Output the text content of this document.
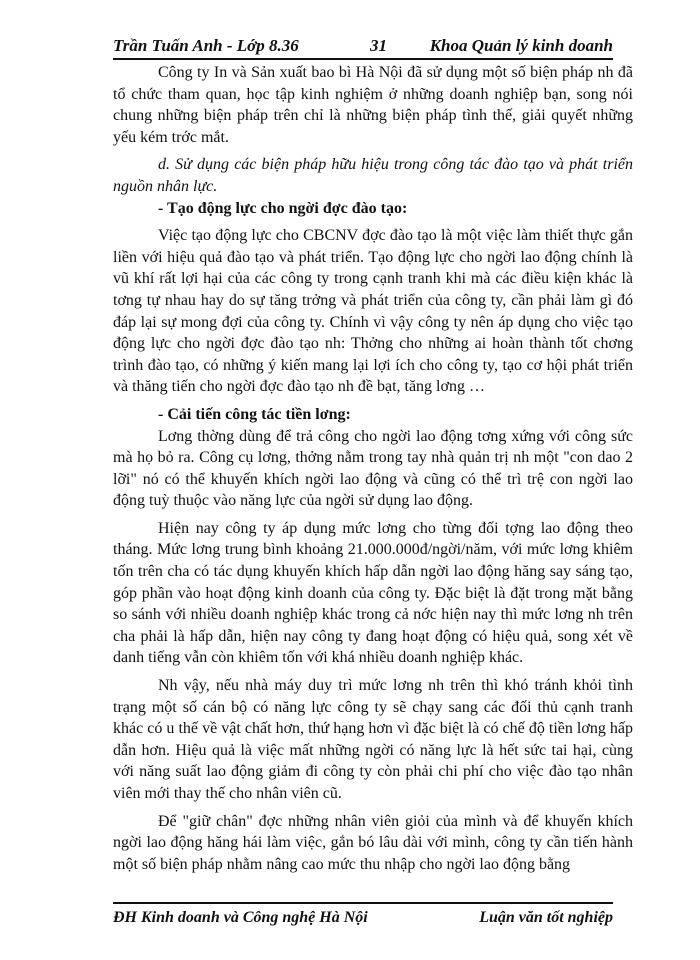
Trần Tuấn Anh - Lớp 8.36	31	Khoa Quản lý kinh doanh

Công ty In và Sản xuất bao bì Hà Nội đã sử dụng một số biện pháp nh đã tổ chức tham quan, học tập kinh nghiệm ở những doanh nghiệp bạn, song nói chung những biện pháp trên chỉ là những biện pháp tình thế, giải quyết những yếu kém trớc mắt.

d. Sử dụng các biện pháp hữu hiệu trong công tác đào tạo và phát triển nguồn nhân lực.

- Tạo động lực cho ngời đợc đào tạo:

Việc tạo động lực cho CBCNV đợc đào tạo là một việc làm thiết thực gắn liền với hiệu quả đào tạo và phát triển. Tạo động lực cho ngời lao động chính là vũ khí rất lợi hại của các công ty trong cạnh tranh khi mà các điều kiện khác là tơng tự nhau hay do sự tăng trởng và phát triển của công ty, cần phải làm gì đó đáp lại sự mong đợi của công ty. Chính vì vậy công ty nên áp dụng cho việc tạo động lực cho ngời đợc đào tạo nh: Thởng cho những ai hoàn thành tốt chơng trình đào tạo, có những ý kiến mang lại lợi ích cho công ty, tạo cơ hội phát triển và thăng tiến cho ngời đợc đào tạo nh đề bạt, tăng lơng …

- Cải tiến công tác tiền lơng:

Lơng thờng dùng để trả công cho ngời lao động tơng xứng với công sức mà họ bỏ ra. Công cụ lơng, thởng nằm trong tay nhà quản trị nh một "con dao 2 lỡi" nó có thể khuyến khích ngời lao động và cũng có thể trì trệ con ngời lao động tuỳ thuộc vào năng lực của ngời sử dụng lao động.

Hiện nay công ty áp dụng mức lơng cho từng đối tợng lao động theo tháng. Mức lơng trung bình khoảng 21.000.000đ/ngời/năm, với mức lơng khiêm tốn trên cha có tác dụng khuyến khích hấp dẫn ngời lao động hăng say sáng tạo, góp phần vào hoạt động kinh doanh của công ty. Đặc biệt là đặt trong mặt bằng so sánh với nhiều doanh nghiệp khác trong cả nớc hiện nay thì mức lơng nh trên cha phải là hấp dẫn, hiện nay công ty đang hoạt động có hiệu quả, song xét về danh tiếng vẫn còn khiêm tốn với khá nhiều doanh nghiệp khác.

Nh vậy, nếu nhà máy duy trì mức lơng nh trên thì khó tránh khỏi tình trạng một số cán bộ có năng lực công ty sẽ chạy sang các đối thủ cạnh tranh khác có u thế về vật chất hơn, thứ hạng hơn vì đặc biệt là có chế độ tiền lơng hấp dẫn hơn. Hiệu quả là việc mất những ngời có năng lực là hết sức tai hại, cùng với năng suất lao động giảm đi công ty còn phải chi phí cho việc đào tạo nhân viên mới thay thế cho nhân viên cũ.

Để "giữ chân" đợc những nhân viên giỏi của mình và để khuyến khích ngời lao động hăng hái làm việc, gắn bó lâu dài với mình, công ty cần tiến hành một số biện pháp nhằm nâng cao mức thu nhập cho ngời lao động bằng

ĐH Kinh doanh và Công nghệ Hà Nội	Luận văn tốt nghiệp
